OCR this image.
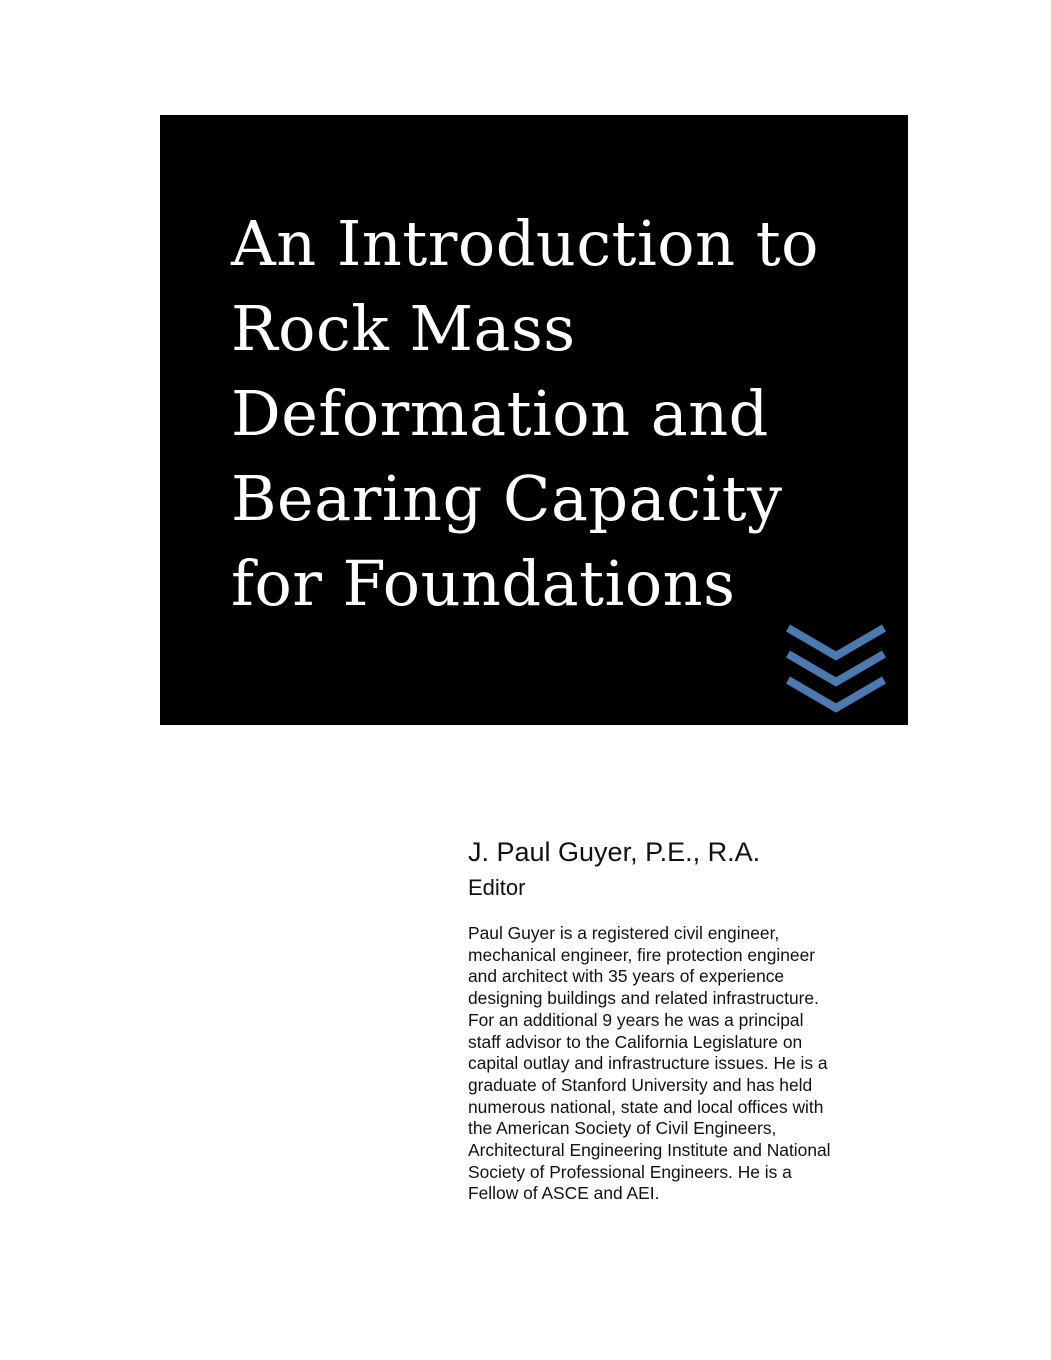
An Introduction to
Rock Mass
Deformation and
Bearing Capacity
for Foundations

J. Paul Guyer, P.E., R.A.

Editor

Paul Guyer is a registered civil engineer,
mechanical engineer, fire protection engineer
and architect with 35 years of experience
designing buildings and related infrastructure.
For an additional 9 years he was a principal
staff advisor to the California Legislature on
capital outlay and infrastructure issues. He is a
graduate of Stanford University and has held
numerous national, state and local offices with
the American Society of Civil Engineers,
Architectural Engineering Institute and National
Society of Professional Engineers. He is a
Fellow of ASCE and AEI.
